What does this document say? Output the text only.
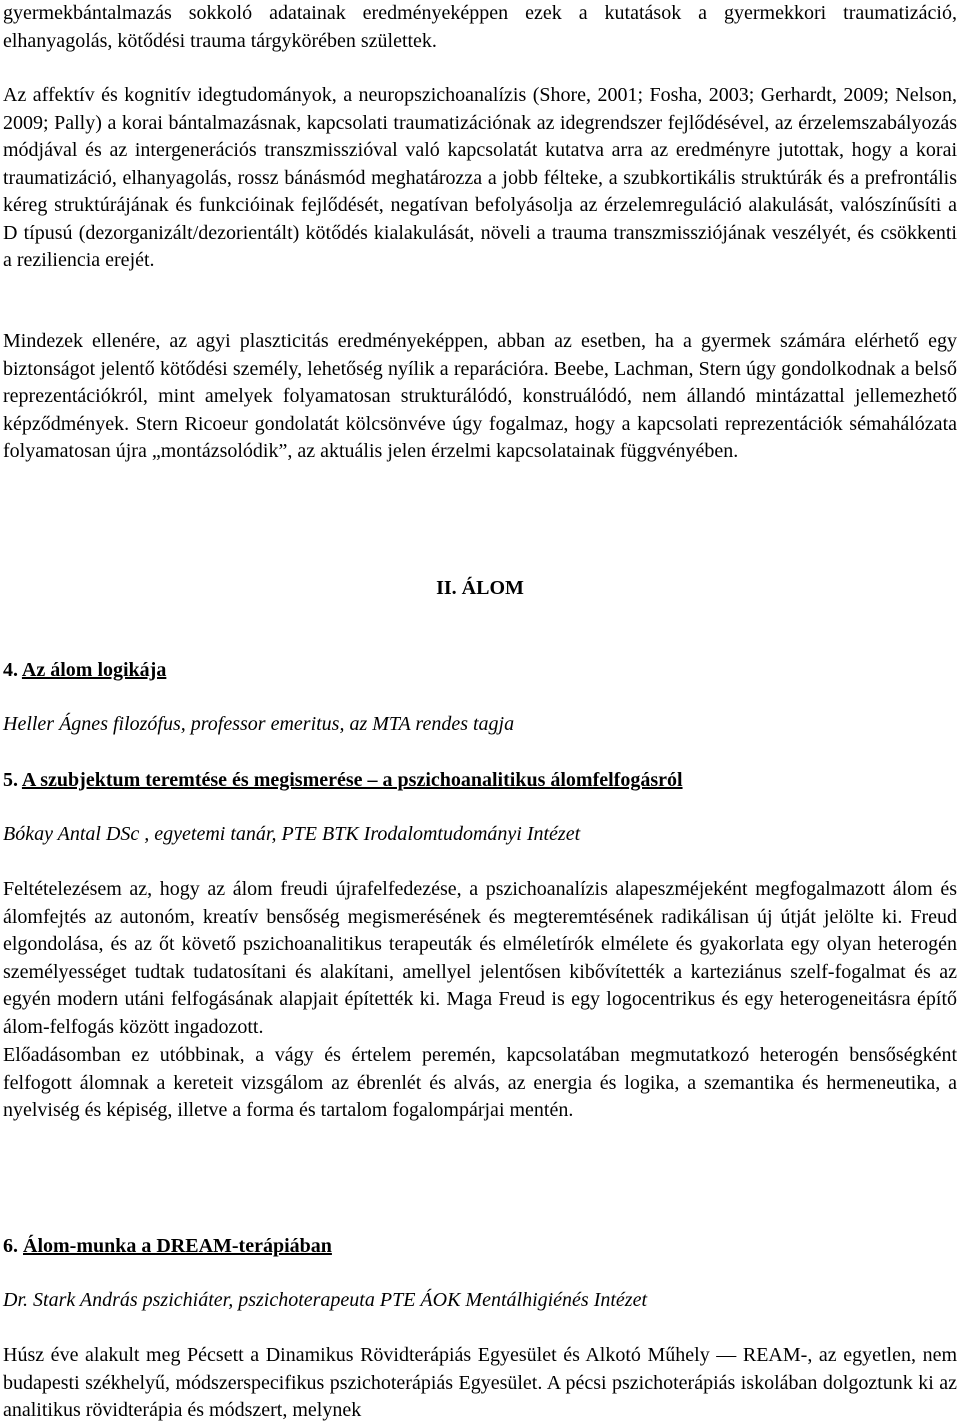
gyermekbántalmazás sokkoló adatainak eredményeképpen ezek a kutatások a gyermekkori traumatizáció, elhanyagolás, kötődési trauma tárgykörében születtek.

Az affektív és kognitív idegtudományok, a neuropszichoanalízis (Shore, 2001; Fosha, 2003; Gerhardt, 2009; Nelson, 2009; Pally) a korai bántalmazásnak, kapcsolati traumatizációnak az idegrendszer fejlődésével, az érzelemszabályozás módjával és az intergenerációs transzmisszióval való kapcsolatát kutatva arra az eredményre jutottak, hogy a korai traumatizáció, elhanyagolás, rossz bánásmód meghatározza a jobb félteke, a szubkortikális struktúrák és a prefrontális kéreg struktúrájának és funkcióinak fejlődését, negatívan befolyásolja az érzelemreguláció alakulását, valószínűsíti a D típusú (dezorganizált/dezorientált) kötődés kialakulását, növeli a trauma transzmissziójának veszélyét, és csökkenti a reziliencia erejét.

Mindezek ellenére, az agyi plaszticitás eredményeképpen, abban az esetben, ha a gyermek számára elérhető egy biztonságot jelentő kötődési személy, lehetőség nyílik a reparációra. Beebe, Lachman, Stern úgy gondolkodnak a belső reprezentációkról, mint amelyek folyamatosan strukturálódó, konstruálódó, nem állandó mintázattal jellemezhető képződmények. Stern Ricoeur gondolatát kölcsönvéve úgy fogalmaz, hogy a kapcsolati reprezentációk sémahálózata folyamatosan újra „montázsolódik”, az aktuális jelen érzelmi kapcsolatainak függvényében.

II. ÁLOM

4. Az álom logikája

Heller Ágnes filozófus, professor emeritus, az MTA rendes tagja

5. A szubjektum teremtése és megismerése – a pszichoanalitikus álomfelfogásról

Bókay Antal DSc , egyetemi tanár, PTE BTK Irodalomtudományi Intézet

Feltételezésem az, hogy az álom freudi újrafelfedezése, a pszichoanalízis alapeszméjeként megfogalmazott álom és álomfejtés az autonóm, kreatív bensőség megismerésének és megteremtésének radikálisan új útját jelölte ki. Freud elgondolása, és az őt követő pszichoanalitikus terapeuták és elméletírók elmélete és gyakorlata egy olyan heterogén személyességet tudtak tudatosítani és alakítani, amellyel jelentősen kibővítették a karteziánus szelf-fogalmat és az egyén modern utáni felfogásának alapjait építették ki. Maga Freud is egy logocentrikus és egy heterogeneitásra építő álom-felfogás között ingadozott.

Előadásomban ez utóbbinak, a vágy és értelem peremén, kapcsolatában megmutatkozó heterogén bensőségként felfogott álomnak a kereteit vizsgálom az ébrenlét és alvás, az energia és logika, a szemantika és hermeneutika, a nyelviség és képiség, illetve a forma és tartalom fogalompárjai mentén.

6. Álom-munka a DREAM-terápiában

Dr. Stark András pszichiáter, pszichoterapeuta PTE ÁOK Mentálhigiénés Intézet

Húsz éve alakult meg Pécsett a Dinamikus Rövidterápiás Egyesület és Alkotó Műhely — REAM-, az egyetlen, nem budapesti székhelyű, módszerspecifikus pszichoterápiás Egyesület. A pécsi pszichoterápiás iskolában dolgoztunk ki az analitikus rövidterápia és módszert, melynek
